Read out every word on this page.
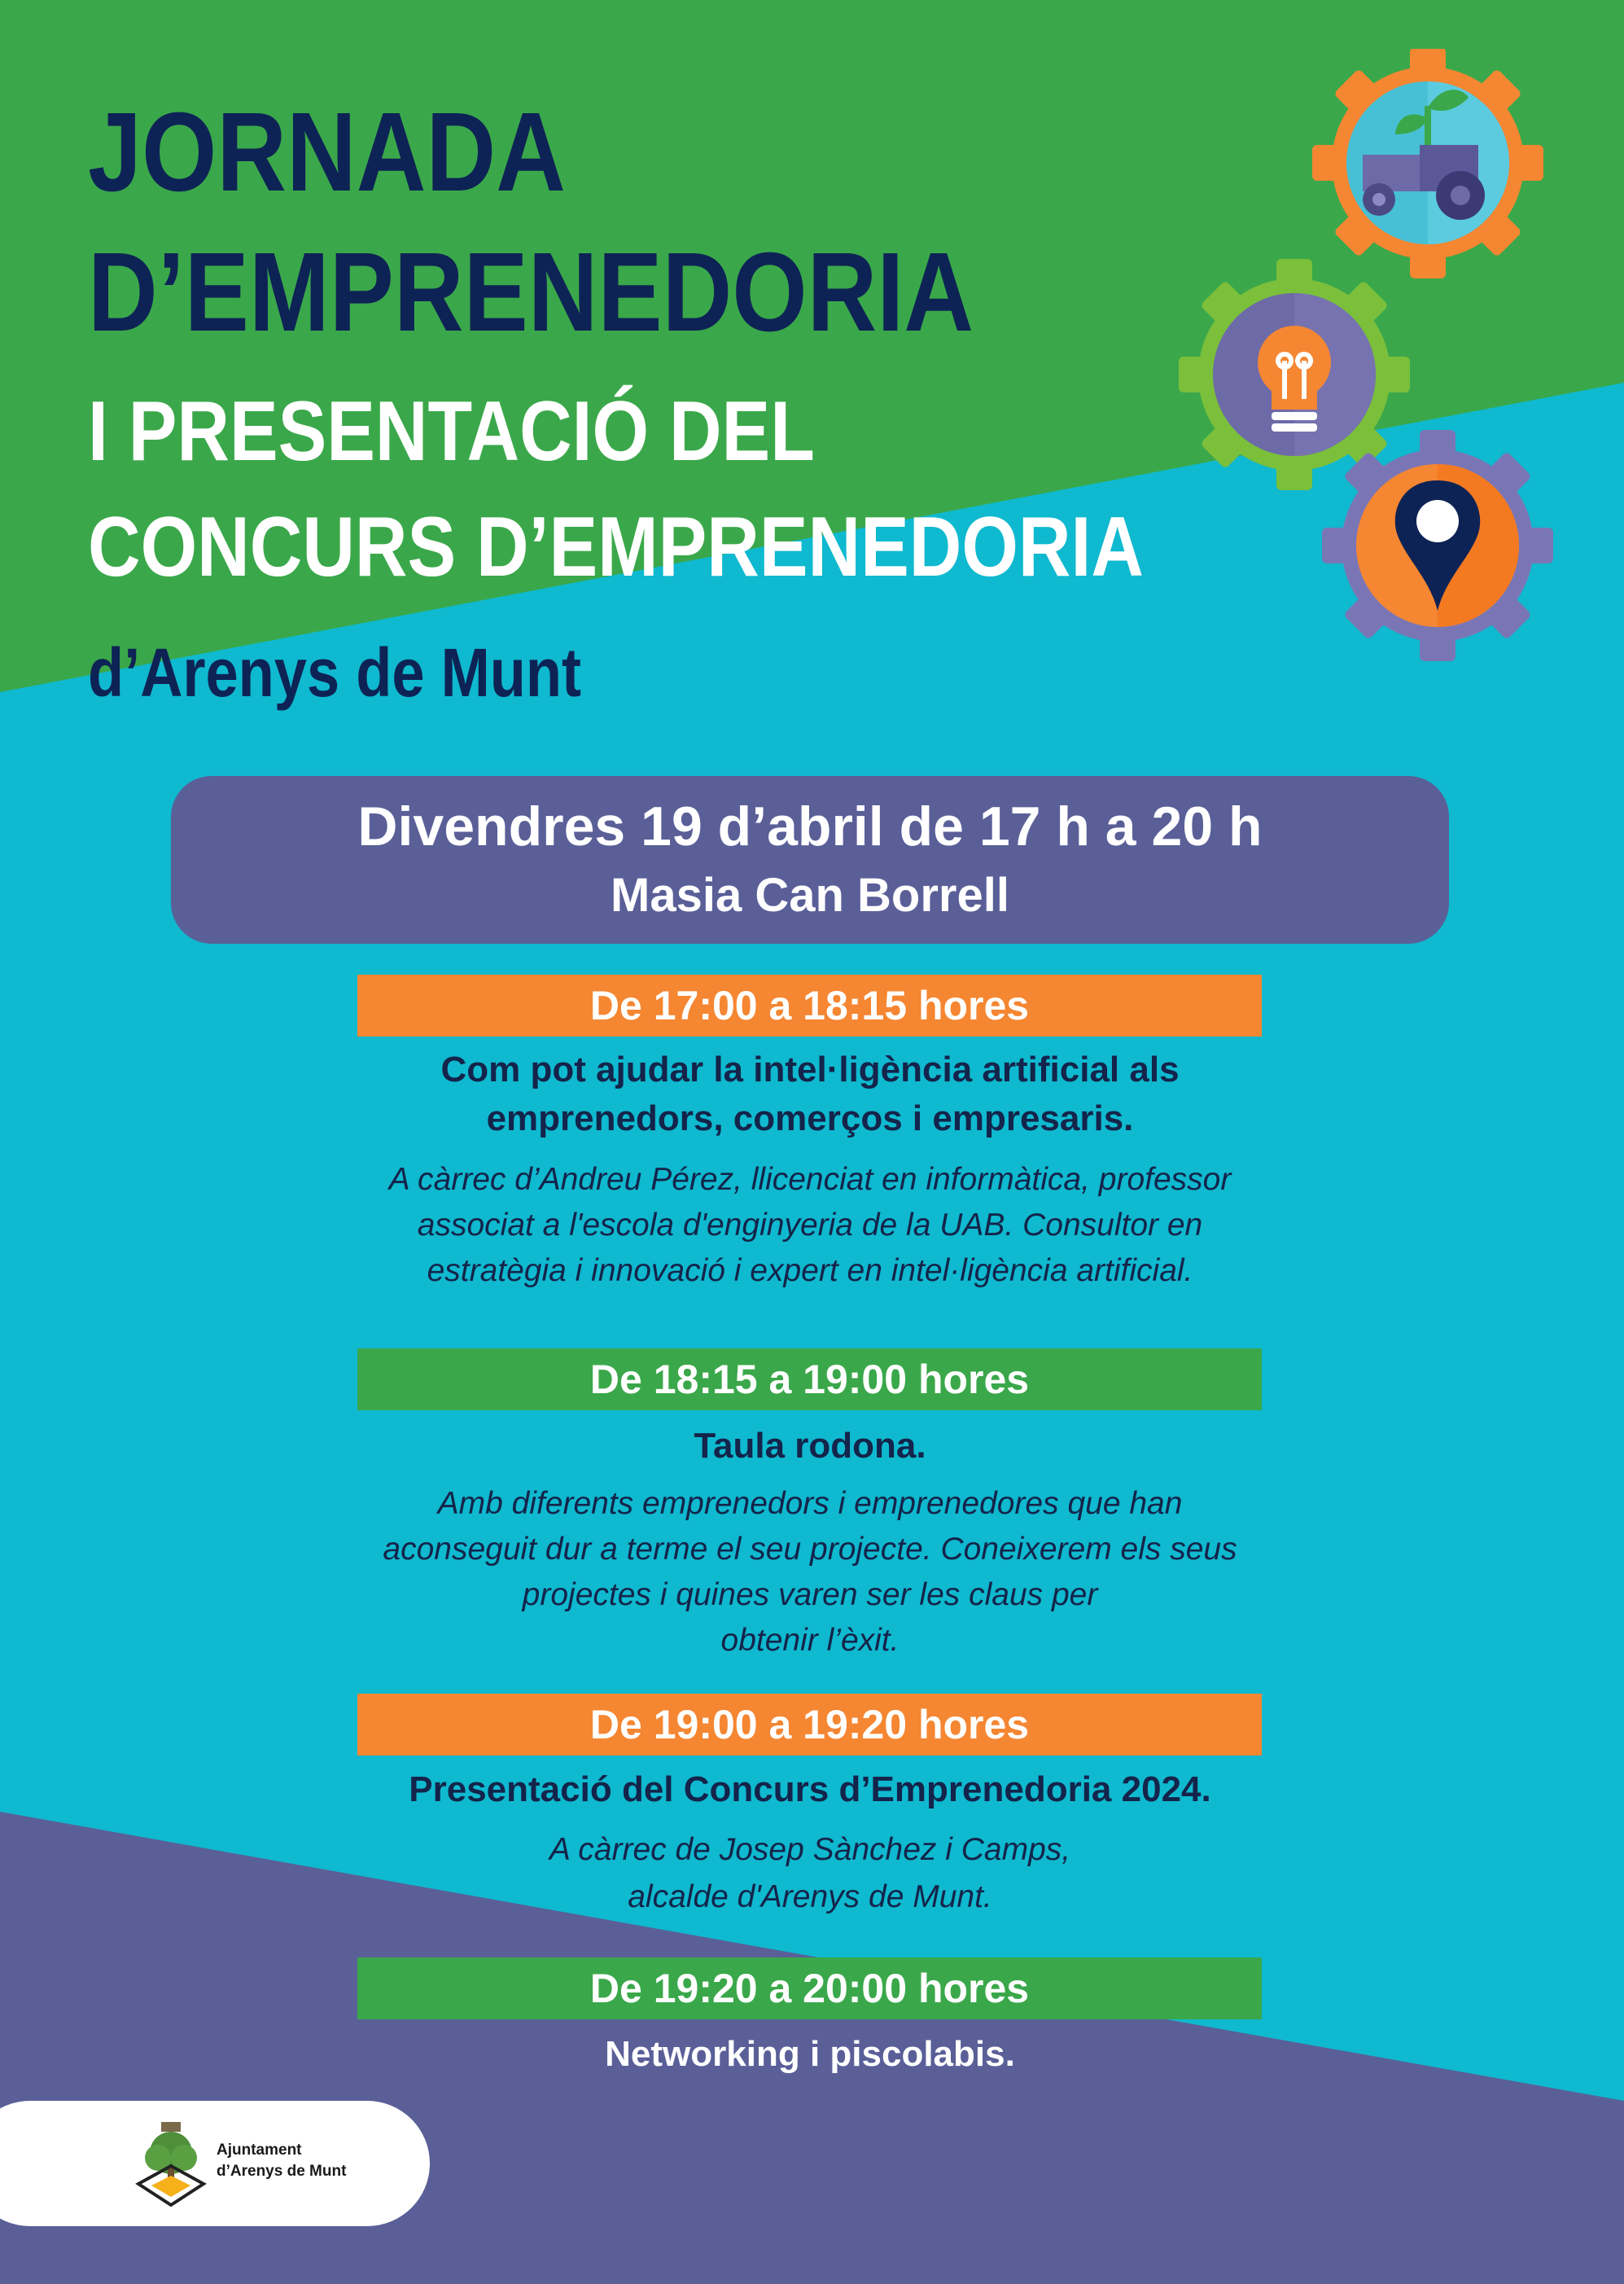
JORNADA
D’EMPRENEDORIA
I PRESENTACIÓ DEL
CONCURS D’EMPRENEDORIA
d’Arenys de Munt
Divendres 19 d’abril de 17 h a 20 h
Masia Can Borrell
De 17:00 a 18:15 hores

Com pot ajudar la intel·ligència artificial als

emprenedors, comerços i empresaris.

A càrrec d’Andreu Pérez, llicenciat en informàtica, professor

associat a l'escola d'enginyeria de la UAB. Consultor en

estratègia i innovació i expert en intel·ligència artificial.

De 18:15 a 19:00 hores

Taula rodona.

Amb diferents emprenedors i emprenedores que han

aconseguit dur a terme el seu projecte. Coneixerem els seus

projectes i quines varen ser les claus per

obtenir l’èxit.

De 19:00 a 19:20 hores

Presentació del Concurs d’Emprenedoria 2024.

A càrrec de Josep Sànchez i Camps,

alcalde d'Arenys de Munt.

De 19:20 a 20:00 hores

Networking i piscolabis.

Ajuntament
d’Arenys de Munt
